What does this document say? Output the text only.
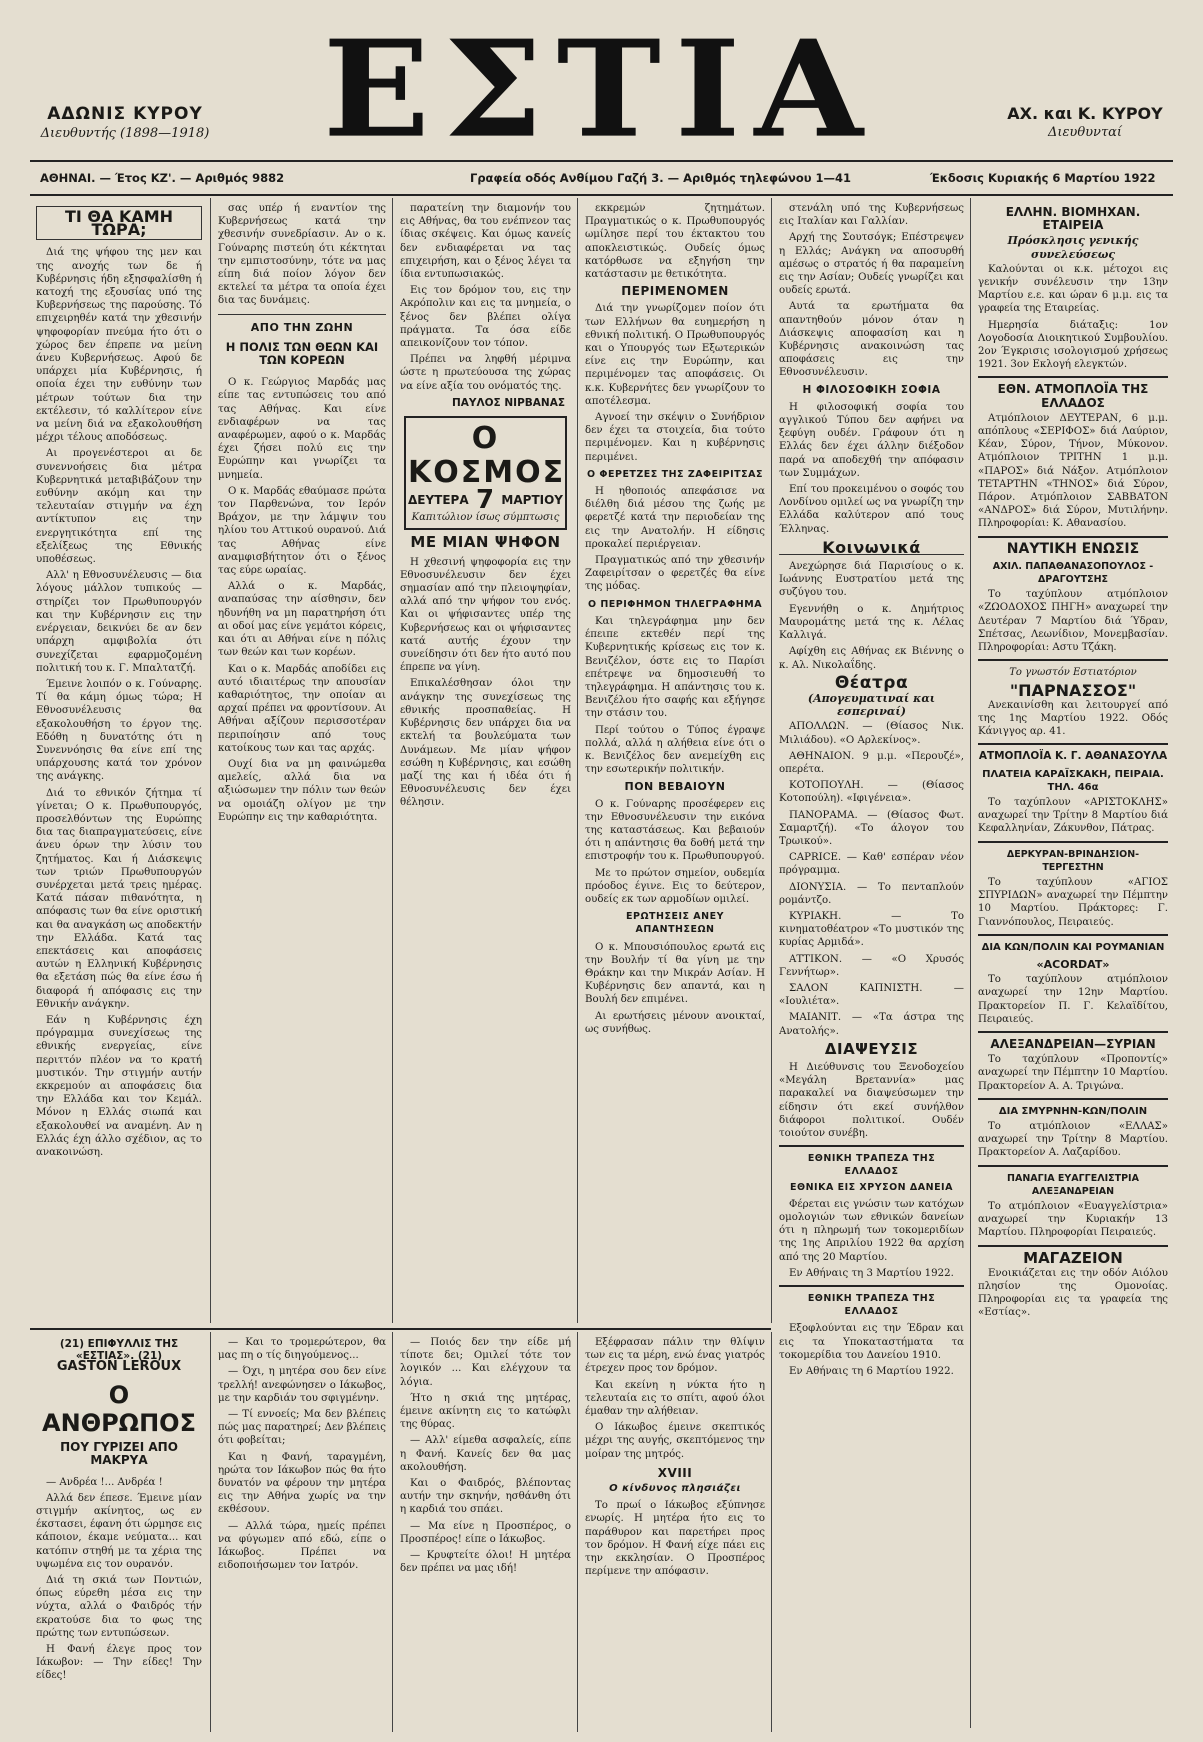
ΑΔΩΝΙΣ ΚΥΡΟΥ
Διευθυντής (1898—1918) ΕΣΤΙΑ	ΑΧ. και Κ. ΚΥΡΟΥ
Διευθυνταί
ΑΘΗΝΑΙ. — Έτος ΚΖ'. — Αριθμός 9882	Γραφεία οδός Ανθίμου Γαζή 3. — Αριθμός τηλεφώνου 1—41	Έκδοσις Κυριακής 6 Μαρτίου 1922
ΤΙ ΘΑ ΚΑΜΗ ΤΩΡΑ;

Διά της ψήφου της μεν και της ανοχής των δε ή Κυβέρνησις ήδη εξησφαλίσθη ή κατοχή της εξουσίας υπό της Κυβερνήσεως της παρούσης. Τό επιχειρηθέν κατά την χθεσινήν ψηφοφορίαν πνεύμα ήτο ότι ο χώρος δεν έπρεπε να μείνη άνευ Κυβερνήσεως. Αφού δε υπάρχει μία Κυβέρνησις, ή οποία έχει την ευθύνην των μέτρων τούτων δια την εκτέλεσιν, τό καλλίτερον είνε να μείνη διά να εξακολουθήση μέχρι τέλους αποδόσεως.

Αι προγενέστεροι αι δε συνεννοήσεις δια μέτρα Κυβερνητικά μεταβιβάζουν την ευθύνην ακόμη και την τελευταίαν στιγμήν να έχη αντίκτυπον εις την ενεργητικότητα επί της εξελίξεως της Εθνικής υποθέσεως.

Αλλ' η Εθνοσυνέλευσις — δια λόγους μάλλον τυπικούς — στηρίζει τον Πρωθυπουργόν και την Κυβέρνησιν εις την ενέργειαν, δεικνύει δε αν δεν υπάρχη αμφιβολία ότι συνεχίζεται εφαρμοζομένη πολιτική του κ. Γ. Μπαλτατζή.

Έμεινε λοιπόν ο κ. Γούναρης. Τί θα κάμη όμως τώρα; Η Εθνοσυνέλευσις θα εξακολουθήση το έργον της. Εδόθη η δυνατότης ότι η Συνεννόησις θα είνε επί της υπάρχουσης κατά τον χρόνον της ανάγκης.

Διά το εθνικόν ζήτημα τί γίνεται; Ο κ. Πρωθυπουργός, προσελθόντων της Ευρώπης δια τας διαπραγματεύσεις, είνε άνευ όρων την λύσιν του ζητήματος. Και ή Διάσκεψις των τριών Πρωθυπουργών συνέρχεται μετά τρεις ημέρας. Κατά πάσαν πιθανότητα, η απόφασις των θα είνε οριστική και θα αναγκάση ως αποδεκτήν την Ελλάδα. Κατά τας επεκτάσεις και αποφάσεις αυτών η Ελληνική Κυβέρνησις θα εξετάση πώς θα είνε έσω ή διαφορά ή απόφασις εις την Εθνικήν ανάγκην.

Εάν η Κυβέρνησις έχη πρόγραμμα συνεχίσεως της εθνικής ενεργείας, είνε περιττόν πλέον να το κρατή μυστικόν. Την στιγμήν αυτήν εκκρεμούν αι αποφάσεις δια την Ελλάδα και τον Κεμάλ. Μόνον η Ελλάς σιωπά και εξακολουθεί να αναμένη. Αν η Ελλάς έχη άλλο σχέδιον, ας το ανακοινώση.

σας υπέρ ή εναντίον της Κυβερνήσεως κατά την χθεσινήν συνεδρίασιν. Αν ο κ. Γούναρης πιστεύη ότι κέκτηται την εμπιστοσύνην, τότε να μας είπη διά ποίον λόγον δεν εκτελεί τα μέτρα τα οποία έχει δια τας δυνάμεις.

ΑΠΟ ΤΗΝ ΖΩΗΝ
Η ΠΟΛΙΣ ΤΩΝ ΘΕΩΝ ΚΑΙ ΤΩΝ ΚΟΡΕΩΝ

Ο κ. Γεώργιος Μαρδάς μας είπε τας εντυπώσεις του από τας Αθήνας. Και είνε ενδιαφέρων να τας αναφέρωμεν, αφού ο κ. Μαρδάς έχει ζήσει πολύ εις την Ευρώπην και γνωρίζει τα μνημεία.

Ο κ. Μαρδάς εθαύμασε πρώτα τον Παρθενώνα, τον Ιερόν Βράχον, με την λάμψιν του ηλίου του Αττικού ουρανού. Διά τας Αθήνας είνε αναμφισβήτητον ότι ο ξένος τας εύρε ωραίας.

Αλλά ο κ. Μαρδάς, αναπαύσας την αίσθησιν, δεν ηδυνήθη να μη παρατηρήση ότι αι οδοί μας είνε γεμάτοι κόρεις, και ότι αι Αθήναι είνε η πόλις των θεών και των κορέων.

Και ο κ. Μαρδάς αποδίδει εις αυτό ιδιαιτέρως την απουσίαν καθαριότητος, την οποίαν αι αρχαί πρέπει να φροντίσουν. Αι Αθήναι αξίζουν περισσοτέραν περιποίησιν από τους κατοίκους των και τας αρχάς.

Ουχί δια να μη φαινώμεθα αμελείς, αλλά δια να αξιώσωμεν την πόλιν των θεών να ομοιάζη ολίγον με την Ευρώπην εις την καθαριότητα.

παρατείνη την διαμονήν του εις Αθήνας, θα του ενέπνεον τας ίδιας σκέψεις. Και όμως κανείς δεν ενδιαφέρεται να τας επιχειρήση, και ο ξένος λέγει τα ίδια εντυπωσιακώς.

Εις τον δρόμον του, εις την Ακρόπολιν και εις τα μνημεία, ο ξένος δεν βλέπει ολίγα πράγματα. Τα όσα είδε απεικονίζουν τον τόπον.

Πρέπει να ληφθή μέριμνα ώστε η πρωτεύουσα της χώρας να είνε αξία του ονόματός της.

ΠΑΥΛΟΣ ΝΙΡΒΑΝΑΣ
Ο ΚΟΣΜΟΣ
ΔΕΥΤΕΡΑ 7 ΜΑΡΤΙΟΥ
Καπιτώλιον ίσως σύμπτωσις
ΜΕ ΜΙΑΝ ΨΗΦΟΝ

Η χθεσινή ψηφοφορία εις την Εθνοσυνέλευσιν δεν έχει σημασίαν από την πλειοψηφίαν, αλλά από την ψήφον του ενός. Και οι ψήφισαντες υπέρ της Κυβερνήσεως και οι ψήφισαντες κατά αυτής έχουν την συνείδησιν ότι δεν ήτο αυτό που έπρεπε να γίνη.

Επικαλέσθησαν όλοι την ανάγκην της συνεχίσεως της εθνικής προσπαθείας. Η Κυβέρνησις δεν υπάρχει δια να εκτελή τα βουλεύματα των Δυνάμεων. Με μίαν ψήφον εσώθη η Κυβέρνησις, και εσώθη μαζί της και ή ιδέα ότι ή Εθνοσυνέλευσις δεν έχει θέλησιν.

εκκρεμών ζητημάτων. Πραγματικώς ο κ. Πρωθυπουργός ωμίλησε περί του έκτακτου του αποκλειστικώς. Ουδείς όμως κατόρθωσε να εξηγήση την κατάστασιν με θετικότητα.

ΠΕΡΙΜΕΝΟΜΕΝ

Διά την γνωρίζομεν ποίον ότι των Ελλήνων θα ευημερήση η εθνική πολιτική. Ο Πρωθυπουργός και ο Υπουργός των Εξωτερικών είνε εις την Ευρώπην, και περιμένομεν τας αποφάσεις. Οι κ.κ. Κυβερνήτες δεν γνωρίζουν το αποτέλεσμα.

Αγνοεί την σκέψιν ο Συνήδριον δεν έχει τα στοιχεία, δια τούτο περιμένομεν. Και η κυβέρνησις περιμένει.

Ο ΦΕΡΕΤΖΕΣ ΤΗΣ ΖΑΦΕΙΡΙΤΣΑΣ

Η ηθοποιός απεφάσισε να διέλθη διά μέσου της ζωής με φερετζέ κατά την περιοδείαν της εις την Ανατολήν. Η είδησις προκαλεί περιέργειαν.

Πραγματικώς από την χθεσινήν Ζαφειρίτσαν ο φερετζές θα είνε της μόδας.

Ο ΠΕΡΙΦΗΜΟΝ ΤΗΛΕΓΡΑΦΗΜΑ

Και τηλεγράφημα μην δεν έπειπε εκτεθέν περί της Κυβερνητικής κρίσεως εις τον κ. Βενιζέλον, όστε εις το Παρίσι επέτρεψε να δημοσιευθή το τηλεγράφημα. Η απάντησις του κ. Βενιζέλου ήτο σαφής και εξήγησε την στάσιν του.

Περί τούτου ο Τύπος έγραψε πολλά, αλλά η αλήθεια είνε ότι ο κ. Βενιζέλος δεν ανεμείχθη εις την εσωτερικήν πολιτικήν.

ΠΟΝ ΒΕΒΑΙΟΥΝ

Ο κ. Γούναρης προσέφερεν εις την Εθνοσυνέλευσιν την εικόνα της καταστάσεως. Και βεβαιούν ότι η απάντησις θα δοθή μετά την επιστροφήν του κ. Πρωθυπουργού.

Με το πρώτον σημείον, ουδεμία πρόοδος έγινε. Εις το δεύτερον, ουδείς εκ των αρμοδίων ομιλεί.

ΕΡΩΤΗΣΕΙΣ ΑΝΕΥ ΑΠΑΝΤΗΣΕΩΝ

Ο κ. Μπουσιόπουλος ερωτά εις την Βουλήν τί θα γίνη με την Θράκην και την Μικράν Ασίαν. Η Κυβέρνησις δεν απαντά, και η Βουλή δεν επιμένει.

Αι ερωτήσεις μένουν ανοικταί, ως συνήθως.

στενάλη υπό της Κυβερνήσεως εις Ιταλίαν και Γαλλίαν.

Αρχή της Σουτσόγκ; Επέστρεψεν η Ελλάς; Ανάγκη να αποσυρθή αμέσως ο στρατός ή θα παραμείνη εις την Ασίαν; Ουδείς γνωρίζει και ουδείς ερωτά.

Αυτά τα ερωτήματα θα απαντηθούν μόνον όταν η Διάσκεψις αποφασίση και η Κυβέρνησις ανακοινώση τας αποφάσεις εις την Εθνοσυνέλευσιν.

Η ΦΙΛΟΣΟΦΙΚΗ ΣΟΦΙΑ

Η φιλοσοφική σοφία του αγγλικού Τύπου δεν αφήνει να ξεφύγη ουδέν. Γράφουν ότι η Ελλάς δεν έχει άλλην διέξοδον παρά να αποδεχθή την απόφασιν των Συμμάχων.

Επί του προκειμένου ο σοφός του Λονδίνου ομιλεί ως να γνωρίζη την Ελλάδα καλύτερον από τους Έλληνας.

Κοινωνικά

Ανεχώρησε διά Παρισίους ο κ. Ιωάννης Ευστρατίου μετά της συζύγου του.

Εγεννήθη ο κ. Δημήτριος Μαυρομάτης μετά της κ. Λέλας Καλλιγά.

Αφίχθη εις Αθήνας εκ Βιέννης ο κ. Αλ. Νικολαΐδης.

Θέατρα
(Απογευματιναί και εσπεριναί)

ΑΠΟΛΛΩΝ. — (Θίασος Νικ. Μιλιάδου). «Ο Αρλεκίνος».

ΑΘΗΝΑΙΟΝ. 9 μ.μ. «Περουζέ», οπερέτα.

ΚΟΤΟΠΟΥΛΗ. — (Θίασος Κοτοπούλη). «Ιφιγένεια».

ΠΑΝΟΡΑΜΑ. — (Θίασος Φωτ. Σαμαρτζή). «Το άλογον του Τρωικού».

CAPRICE. — Καθ' εσπέραν νέον πρόγραμμα.

ΔΙΟΝΥΣΙΑ. — Το πενταπλούν ρομάντζο.

ΚΥΡΙΑΚΗ. — Το κινηματοθέατρον «Το μυστικόν της κυρίας Αρμιδά».

ΑΤΤΙΚΟΝ. — «Ο Χρυσός Γεννήτωρ».

ΣΑΛΟΝ ΚΑΠΝΙΣΤΗ. — «Ιουλιέτα».

ΜΑΙΑΝΙΤ. — «Τα άστρα της Ανατολής».

ΔΙΑΨΕΥΣΙΣ

Η Διεύθυνσις του Ξενοδοχείου «Μεγάλη Βρεταννία» μας παρακαλεί να διαψεύσωμεν την είδησιν ότι εκεί συνήλθον διάφοροι πολιτικοί. Ουδέν τοιούτον συνέβη.

ΕΘΝΙΚΗ ΤΡΑΠΕΖΑ ΤΗΣ ΕΛΛΑΔΟΣ
ΕΘΝΙΚΑ ΕΙΣ ΧΡΥΣΟΝ ΔΑΝΕΙΑ

Φέρεται εις γνώσιν των κατόχων ομολογιών των εθνικών δανείων ότι η πληρωμή των τοκομεριδίων της 1ης Απριλίου 1922 θα αρχίση από της 20 Μαρτίου.

Εν Αθήναις τη 3 Μαρτίου 1922.

ΕΘΝΙΚΗ ΤΡΑΠΕΖΑ ΤΗΣ ΕΛΛΑΔΟΣ

Εξοφλούνται εις την Έδραν και εις τα Υποκαταστήματα τα τοκομερίδια του Δανείου 1910.

Εν Αθήναις τη 6 Μαρτίου 1922.

ΕΛΛΗΝ. ΒΙΟΜΗΧΑΝ. ΕΤΑΙΡΕΙΑ
Πρόσκλησις γενικής συνελεύσεως

Καλούνται οι κ.κ. μέτοχοι εις γενικήν συνέλευσιν την 13ην Μαρτίου ε.ε. και ώραν 6 μ.μ. εις τα γραφεία της Εταιρείας.

Ημερησία διάταξις: 1ον Λογοδοσία Διοικητικού Συμβουλίου. 2ον Έγκρισις ισολογισμού χρήσεως 1921. 3ον Εκλογή ελεγκτών.

ΕΘΝ. ΑΤΜΟΠΛΟΪΑ ΤΗΣ ΕΛΛΑΔΟΣ

Ατμόπλοιον ΔΕΥΤΕΡΑΝ, 6 μ.μ. απόπλους «ΣΕΡΙΦΟΣ» διά Λαύριον, Κέαν, Σύρον, Τήνον, Μύκονον. Ατμόπλοιον ΤΡΙΤΗΝ 1 μ.μ. «ΠΑΡΟΣ» διά Νάξον. Ατμόπλοιον ΤΕΤΑΡΤΗΝ «ΤΗΝΟΣ» διά Σύρον, Πάρον. Ατμόπλοιον ΣΑΒΒΑΤΟΝ «ΑΝΔΡΟΣ» διά Σύρον, Μυτιλήνην. Πληροφορίαι: Κ. Αθανασίου.

ΝΑΥΤΙΚΗ ΕΝΩΣΙΣ
ΑΧΙΛ. ΠΑΠΑΘΑΝΑΣΟΠΟΥΛΟΣ - ΔΡΑΓΟΥΤΣΗΣ

Το ταχύπλουν ατμόπλοιον «ΖΩΟΔΟΧΟΣ ΠΗΓΗ» αναχωρεί την Δευτέραν 7 Μαρτίου διά Ύδραν, Σπέτσας, Λεωνίδιον, Μονεμβασίαν. Πληροφορίαι: Αστυ Τζάκη.

Το γνωστόν Εστιατόριον
"ΠΑΡΝΑΣΣΟΣ"

Ανεκαινίσθη και λειτουργεί από της 1ης Μαρτίου 1922. Οδός Κάνιγγος αρ. 41.

ΑΤΜΟΠΛΟΪΑ Κ. Γ. ΑΘΑΝΑΣΟΥΛΑ
ΠΛΑΤΕΙΑ ΚΑΡΑΪΣΚΑΚΗ, ΠΕΙΡΑΙΑ. ΤΗΛ. 46α

Το ταχύπλουν «ΑΡΙΣΤΟΚΛΗΣ» αναχωρεί την Τρίτην 8 Μαρτίου διά Κεφαλληνίαν, Ζάκυνθον, Πάτρας.

ΔΕΡΚΥΡΑΝ-ΒΡΙΝΔΗΣΙΟΝ-ΤΕΡΓΕΣΤΗΝ

Το ταχύπλουν «ΑΓΙΟΣ ΣΠΥΡΙΔΩΝ» αναχωρεί την Πέμπτην 10 Μαρτίου. Πράκτορες: Γ. Γιαννόπουλος, Πειραιεύς.

ΔΙΑ ΚΩΝ/ΠΟΛΙΝ ΚΑΙ ΡΟΥΜΑΝΙΑΝ
«ACORDAT»

Το ταχύπλουν ατμόπλοιον αναχωρεί την 12ην Μαρτίου. Πρακτορείον Π. Γ. Κελαϊδίτου, Πειραιεύς.

ΑΛΕΞΑΝΔΡΕΙΑΝ—ΣΥΡΙΑΝ

Το ταχύπλουν «Προποντίς» αναχωρεί την Πέμπτην 10 Μαρτίου. Πρακτορείον Α. Α. Τριγώνα.

ΔΙΑ ΣΜΥΡΝΗΝ-ΚΩΝ/ΠΟΛΙΝ

Το ατμόπλοιον «ΕΛΛΑΣ» αναχωρεί την Τρίτην 8 Μαρτίου. Πρακτορείον Α. Λαζαρίδου.

ΠΑΝΑΓΙΑ ΕΥΑΓΓΕΛΙΣΤΡΙΑ ΑΛΕΞΑΝΔΡΕΙΑΝ

Το ατμόπλοιον «Ευαγγελίστρια» αναχωρεί την Κυριακήν 13 Μαρτίου. Πληροφορίαι Πειραιεύς.

ΜΑΓΑΖΕΙΟΝ

Ενοικιάζεται εις την οδόν Αιόλου πλησίον της Ομονοίας. Πληροφορίαι εις τα γραφεία της «Εστίας».

(21) ΕΠΙΦΥΛΛΙΣ ΤΗΣ «ΕΣΤΙΑΣ». (21)
GASTON LEROUX
Ο ΑΝΘΡΩΠΟΣ
ΠΟΥ ΓΥΡΙΖΕΙ ΑΠΟ ΜΑΚΡΥΑ

— Ανδρέα !... Ανδρέα !

Αλλά δεν έπεσε. Έμεινε μίαν στιγμήν ακίνητος, ως εν έκστασει, έφανη ότι ώρμησε εις κάποιον, έκαμε νεύματα... και κατόπιν στηθή με τα χέρια της υψωμένα εις τον ουρανόν.

Διά τη σκιά των Ποντιών, όπως εύρεθη μέσα εις την νύχτα, αλλά ο Φαιδρός τήν εκρατούσε δια το φως της πρώτης των εντυπώσεων.

Η Φανή έλεγε προς τον Ιάκωβον: — Την είδες! Την είδες!

— Και το τρομερώτερον, θα μας πη ο τίς διηγούμενος...

— Όχι, η μητέρα σου δεν είνε τρελλή! ανεφώνησεν ο Ιάκωβος, με την καρδιάν του σφιγμένην.

— Τί εννοείς; Μα δεν βλέπεις πώς μας παρατηρεί; Δεν βλέπεις ότι φοβείται;

Και η Φανή, ταραγμένη, ηρώτα τον Ιάκωβον πώς θα ήτο δυνατόν να φέρουν την μητέρα εις την Αθήνα χωρίς να την εκθέσουν.

— Αλλά τώρα, ημείς πρέπει να φύγωμεν από εδώ, είπε ο Ιάκωβος. Πρέπει να ειδοποιήσωμεν τον Ιατρόν.

— Ποιός δεν την είδε μή τίποτε δει; Ομιλεί τότε τον λογικόν ... Και ελέγχουν τα λόγια.

Ήτο η σκιά της μητέρας, έμεινε ακίνητη εις το κατώφλι της θύρας.

— Αλλ' είμεθα ασφαλείς, είπε η Φανή. Κανείς δεν θα μας ακολουθήση.

Και ο Φαιδρός, βλέποντας αυτήν την σκηνήν, ησθάνθη ότι η καρδιά του σπάει.

— Μα είνε η Προσπέρος, ο Προσπέρος! είπε ο Ιάκωβος.

— Κρυφτείτε όλοι! Η μητέρα δεν πρέπει να μας ιδή!

Εξέφρασαν πάλιν την θλίψιν των εις τα μέρη, ενώ ένας γιατρός έτρεχεν προς τον δρόμον.

Και εκείνη η νύκτα ήτο η τελευταία εις το σπίτι, αφού όλοι έμαθαν την αλήθειαν.

Ο Ιάκωβος έμεινε σκεπτικός μέχρι της αυγής, σκεπτόμενος την μοίραν της μητρός.

XVIII
Ο κίνδυνος πλησιάζει

Το πρωί ο Ιάκωβος εξύπνησε ενωρίς. Η μητέρα ήτο εις το παράθυρον και παρετήρει προς τον δρόμον. Η Φανή είχε πάει εις την εκκλησίαν. Ο Προσπέρος περίμενε την απόφασιν.
